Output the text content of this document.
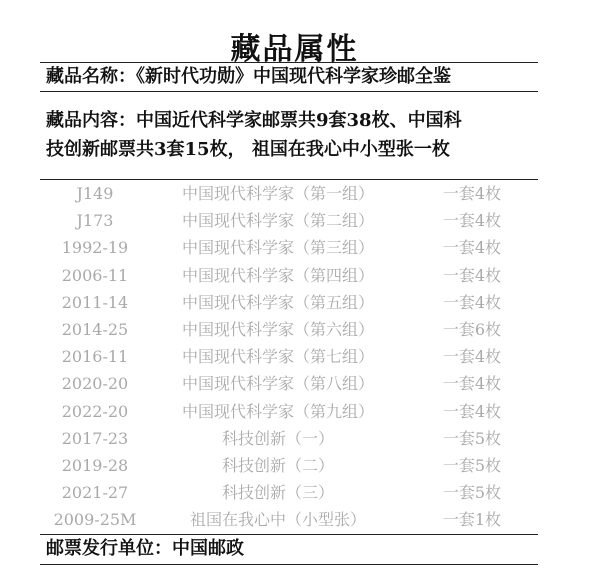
藏品属性
藏品名称：《新时代功勋》中国现代科学家珍邮全鉴
藏品内容：中国近代科学家邮票共9套38枚、中国科
技创新邮票共3套15枚， 祖国在我心中小型张一枚
J149	中国现代科学家（第一组）	一套4枚
J173	中国现代科学家（第二组）	一套4枚
1992-19	中国现代科学家（第三组）	一套4枚
2006-11	中国现代科学家（第四组）	一套4枚
2011-14	中国现代科学家（第五组）	一套4枚
2014-25	中国现代科学家（第六组）	一套6枚
2016-11	中国现代科学家（第七组）	一套4枚
2020-20	中国现代科学家（第八组）	一套4枚
2022-20	中国现代科学家（第九组）	一套4枚
2017-23	科技创新（一）	一套5枚
2019-28	科技创新（二）	一套5枚
2021-27	科技创新（三）	一套5枚
2009-25M	祖国在我心中（小型张）	一套1枚
邮票发行单位：中国邮政
